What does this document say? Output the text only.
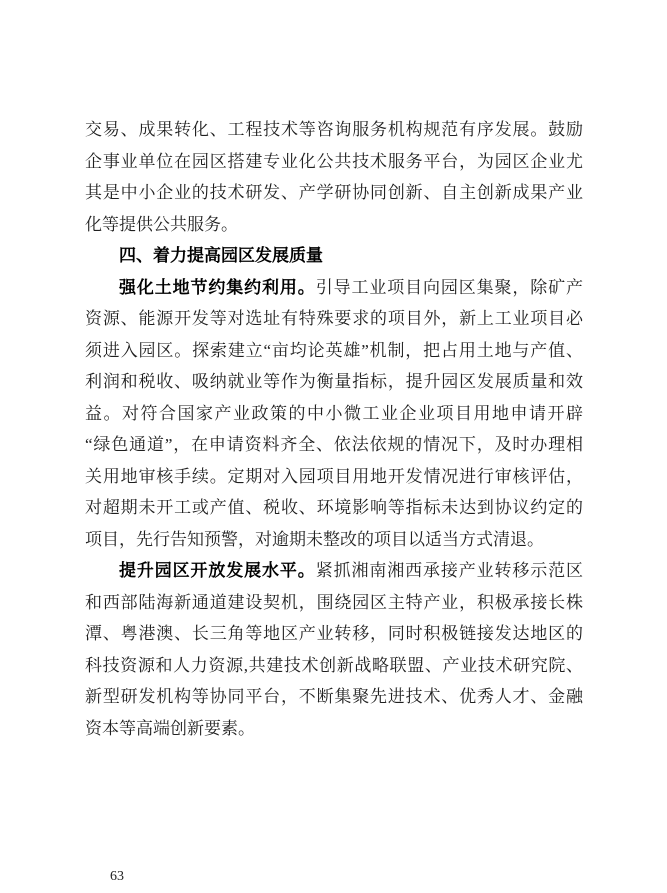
交易、成果转化、工程技术等咨询服务机构规范有序发展。鼓励
企事业单位在园区搭建专业化公共技术服务平台，为园区企业尤
其是中小企业的技术研发、产学研协同创新、自主创新成果产业
化等提供公共服务。
四、着力提高园区发展质量
强化土地节约集约利用。引导工业项目向园区集聚，除矿产
资源、能源开发等对选址有特殊要求的项目外，新上工业项目必
须进入园区。探索建立“亩均论英雄”机制，把占用土地与产值、
利润和税收、吸纳就业等作为衡量指标，提升园区发展质量和效
益。对符合国家产业政策的中小微工业企业项目用地申请开辟
“绿色通道”，在申请资料齐全、依法依规的情况下，及时办理相
关用地审核手续。定期对入园项目用地开发情况进行审核评估，
对超期未开工或产值、税收、环境影响等指标未达到协议约定的
项目，先行告知预警，对逾期未整改的项目以适当方式清退。
提升园区开放发展水平。紧抓湘南湘西承接产业转移示范区
和西部陆海新通道建设契机，围绕园区主特产业，积极承接长株
潭、粤港澳、长三角等地区产业转移，同时积极链接发达地区的
科技资源和人力资源,共建技术创新战略联盟、产业技术研究院、
新型研发机构等协同平台，不断集聚先进技术、优秀人才、金融
资本等高端创新要素。
63
